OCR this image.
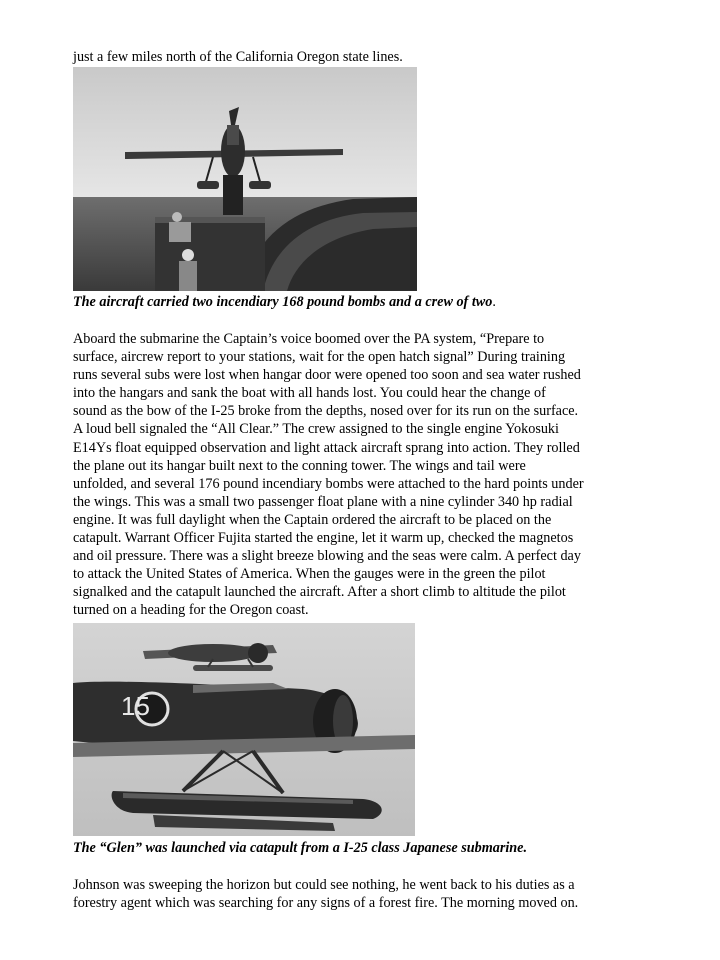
just a few miles north of the California Oregon state lines.
The aircraft carried two incendiary 168 pound bombs and a crew of two.
Aboard the submarine the Captain’s voice boomed over the PA system, “Prepare to
surface, aircrew report to your stations, wait for the open hatch signal” During training
runs several subs were lost when hangar door were opened too soon and sea water rushed
into the hangars and sank the boat with all hands lost. You could hear the change of
sound as the bow of the I-25 broke from the depths, nosed over for its run on the surface.
A loud bell signaled the “All Clear.” The crew assigned to the single engine Yokosuki
E14Ys float equipped observation and light attack aircraft sprang into action. They rolled
the plane out its hangar built next to the conning tower. The wings and tail were
unfolded, and several 176 pound incendiary bombs were attached to the hard points under
the wings. This was a small two passenger float plane with a nine cylinder 340 hp radial
engine. It was full daylight when the Captain ordered the aircraft to be placed on the
catapult. Warrant Officer Fujita started the engine, let it warm up, checked the magnetos
and oil pressure. There was a slight breeze blowing and the seas were calm. A perfect day
to attack the United States of America. When the gauges were in the green the pilot
signalked and the catapult launched the aircraft. After a short climb to altitude the pilot
turned on a heading for the Oregon coast.
15
The “Glen” was launched via catapult from a I-25 class Japanese submarine.
Johnson was sweeping the horizon but could see nothing, he went back to his duties as a
forestry agent which was searching for any signs of a forest fire. The morning moved on.
